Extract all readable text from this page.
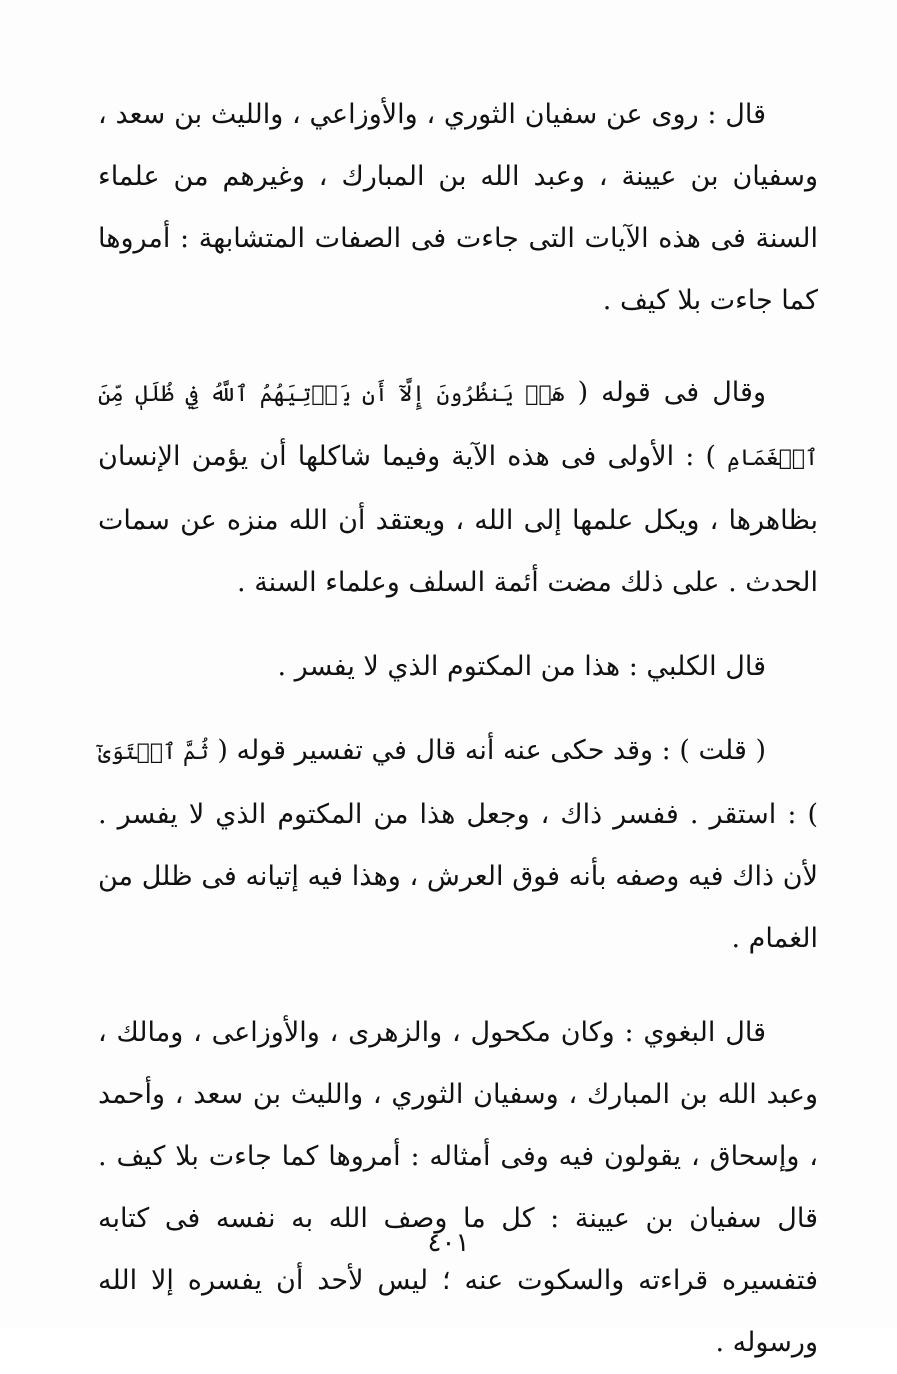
قال : روى عن سفيان الثوري ، والأوزاعي ، والليث بن سعد ، وسفيان بن عيينة ، وعبد الله بن المبارك ، وغيرهم من علماء السنة فى هذه الآيات التى جاءت فى الصفات المتشابهة : أمروها كما جاءت بلا كيف .

وقال فى قوله ( هَلۡ يَنظُرُونَ إِلَّآ أَن يَأۡتِيَهُمُ ٱللَّهُ فِي ظُلَلٖ مِّنَ ٱلۡغَمَامِ ) : الأولى فى هذه الآية وفيما شاكلها أن يؤمن الإنسان بظاهرها ، ويكل علمها إلى الله ، ويعتقد أن الله منزه عن سمات الحدث . على ذلك مضت أئمة السلف وعلماء السنة .

قال الكلبي : هذا من المكتوم الذي لا يفسر .

( قلت ) : وقد حكى عنه أنه قال في تفسير قوله ( ثُمَّ ٱسۡتَوَىٰٓ ) : استقر . ففسر ذاك ، وجعل هذا من المكتوم الذي لا يفسر . لأن ذاك فيه وصفه بأنه فوق العرش ، وهذا فيه إتيانه فى ظلل من الغمام .

قال البغوي : وكان مكحول ، والزهرى ، والأوزاعى ، ومالك ، وعبد الله بن المبارك ، وسفيان الثوري ، والليث بن سعد ، وأحمد ، وإسحاق ، يقولون فيه وفى أمثاله : أمروها كما جاءت بلا كيف . قال سفيان بن عيينة : كل ما وصف الله به نفسه فى كتابه فتفسيره قراءته والسكوت عنه ؛ ليس لأحد أن يفسره إلا الله ورسوله .

٤٠١
